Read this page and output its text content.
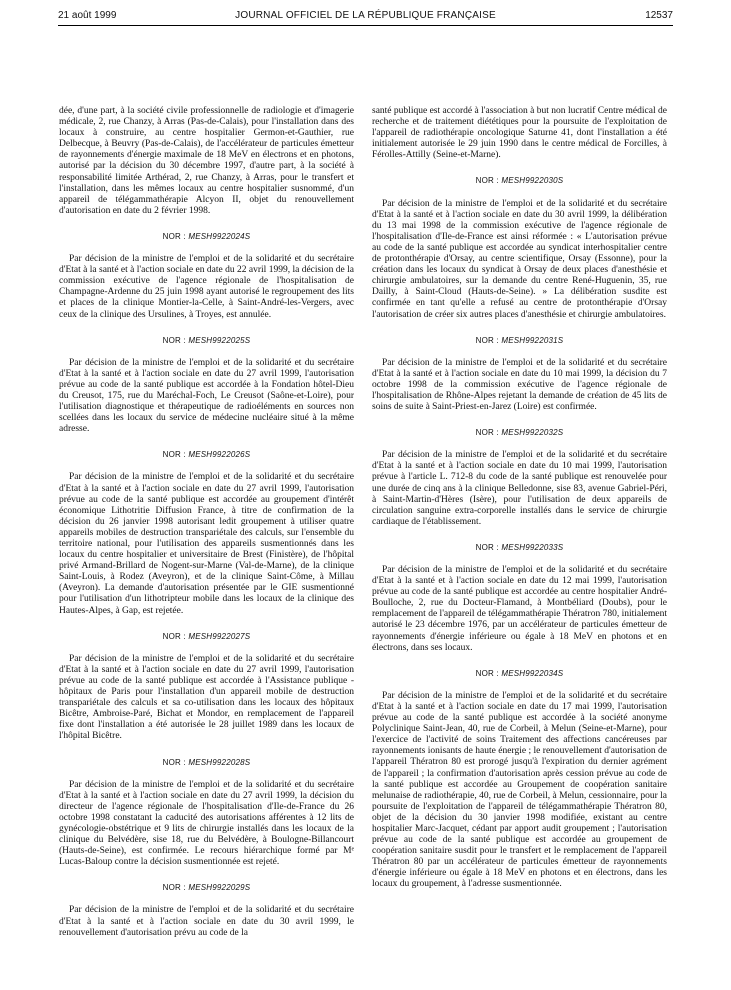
21 août 1999	JOURNAL OFFICIEL DE LA RÉPUBLIQUE FRANÇAISE	12537

dée, d'une part, à la société civile professionnelle de radiologie et d'imagerie médicale, 2, rue Chanzy, à Arras (Pas-de-Calais), pour l'installation dans des locaux à construire, au centre hospitalier Germon-et-Gauthier, rue Delbecque, à Beuvry (Pas-de-Calais), de l'accélérateur de particules émetteur de rayonnements d'énergie maximale de 18 MeV en électrons et en photons, autorisé par la décision du 30 décembre 1997, d'autre part, à la société à responsabilité limitée Arthérad, 2, rue Chanzy, à Arras, pour le transfert et l'installation, dans les mêmes locaux au centre hospitalier susnommé, d'un appareil de télégammathérapie Alcyon II, objet du renouvellement d'autorisation en date du 2 février 1998.

NOR : MESH9922024S

Par décision de la ministre de l'emploi et de la solidarité et du secrétaire d'Etat à la santé et à l'action sociale en date du 22 avril 1999, la décision de la commission exécutive de l'agence régionale de l'hospitalisation de Champagne-Ardenne du 25 juin 1998 ayant autorisé le regroupement des lits et places de la clinique Montier-la-Celle, à Saint-André-les-Vergers, avec ceux de la clinique des Ursulines, à Troyes, est annulée.

NOR : MESH9922025S

Par décision de la ministre de l'emploi et de la solidarité et du secrétaire d'Etat à la santé et à l'action sociale en date du 27 avril 1999, l'autorisation prévue au code de la santé publique est accordée à la Fondation hôtel-Dieu du Creusot, 175, rue du Maréchal-Foch, Le Creusot (Saône-et-Loire), pour l'utilisation diagnostique et thérapeutique de radioéléments en sources non scellées dans les locaux du service de médecine nucléaire situé à la même adresse.

NOR : MESH9922026S

Par décision de la ministre de l'emploi et de la solidarité et du secrétaire d'Etat à la santé et à l'action sociale en date du 27 avril 1999, l'autorisation prévue au code de la santé publique est accordée au groupement d'intérêt économique Lithotritie Diffusion France, à titre de confirmation de la décision du 26 janvier 1998 autorisant ledit groupement à utiliser quatre appareils mobiles de destruction transpariétale des calculs, sur l'ensemble du territoire national, pour l'utilisation des appareils susmentionnés dans les locaux du centre hospitalier et universitaire de Brest (Finistère), de l'hôpital privé Armand-Brillard de Nogent-sur-Marne (Val-de-Marne), de la clinique Saint-Louis, à Rodez (Aveyron), et de la clinique Saint-Côme, à Millau (Aveyron). La demande d'autorisation présentée par le GIE susmentionné pour l'utilisation d'un lithotripteur mobile dans les locaux de la clinique des Hautes-Alpes, à Gap, est rejetée.

NOR : MESH9922027S

Par décision de la ministre de l'emploi et de la solidarité et du secrétaire d'Etat à la santé et à l'action sociale en date du 27 avril 1999, l'autorisation prévue au code de la santé publique est accordée à l'Assistance publique - hôpitaux de Paris pour l'installation d'un appareil mobile de destruction transpariétale des calculs et sa co-utilisation dans les locaux des hôpitaux Bicêtre, Ambroise-Paré, Bichat et Mondor, en remplacement de l'appareil fixe dont l'installation a été autorisée le 28 juillet 1989 dans les locaux de l'hôpital Bicêtre.

NOR : MESH9922028S

Par décision de la ministre de l'emploi et de la solidarité et du secrétaire d'Etat à la santé et à l'action sociale en date du 27 avril 1999, la décision du directeur de l'agence régionale de l'hospitalisation d'Ile-de-France du 26 octobre 1998 constatant la caducité des autorisations afférentes à 12 lits de gynécologie-obstétrique et 9 lits de chirurgie installés dans les locaux de la clinique du Belvédère, sise 18, rue du Belvédère, à Boulogne-Billancourt (Hauts-de-Seine), est confirmée. Le recours hiérarchique formé par Mᵉ Lucas-Baloup contre la décision susmentionnée est rejeté.

NOR : MESH9922029S

Par décision de la ministre de l'emploi et de la solidarité et du secrétaire d'Etat à la santé et à l'action sociale en date du 30 avril 1999, le renouvellement d'autorisation prévu au code de la

santé publique est accordé à l'association à but non lucratif Centre médical de recherche et de traitement diététiques pour la poursuite de l'exploitation de l'appareil de radiothérapie oncologique Saturne 41, dont l'installation a été initialement autorisée le 29 juin 1990 dans le centre médical de Forcilles, à Férolles-Attilly (Seine-et-Marne).

NOR : MESH9922030S

Par décision de la ministre de l'emploi et de la solidarité et du secrétaire d'Etat à la santé et à l'action sociale en date du 30 avril 1999, la délibération du 13 mai 1998 de la commission exécutive de l'agence régionale de l'hospitalisation d'Ile-de-France est ainsi réformée : « L'autorisation prévue au code de la santé publique est accordée au syndicat interhospitalier centre de protonthérapie d'Orsay, au centre scientifique, Orsay (Essonne), pour la création dans les locaux du syndicat à Orsay de deux places d'anesthésie et chirurgie ambulatoires, sur la demande du centre René-Huguenin, 35, rue Dailly, à Saint-Cloud (Hauts-de-Seine). » La délibération susdite est confirmée en tant qu'elle a refusé au centre de protonthérapie d'Orsay l'autorisation de créer six autres places d'anesthésie et chirurgie ambulatoires.

NOR : MESH9922031S

Par décision de la ministre de l'emploi et de la solidarité et du secrétaire d'Etat à la santé et à l'action sociale en date du 10 mai 1999, la décision du 7 octobre 1998 de la commission exécutive de l'agence régionale de l'hospitalisation de Rhône-Alpes rejetant la demande de création de 45 lits de soins de suite à Saint-Priest-en-Jarez (Loire) est confirmée.

NOR : MESH9922032S

Par décision de la ministre de l'emploi et de la solidarité et du secrétaire d'Etat à la santé et à l'action sociale en date du 10 mai 1999, l'autorisation prévue à l'article L. 712-8 du code de la santé publique est renouvelée pour une durée de cinq ans à la clinique Belledonne, sise 83, avenue Gabriel-Péri, à Saint-Martin-d'Hères (Isère), pour l'utilisation de deux appareils de circulation sanguine extra-corporelle installés dans le service de chirurgie cardiaque de l'établissement.

NOR : MESH9922033S

Par décision de la ministre de l'emploi et de la solidarité et du secrétaire d'Etat à la santé et à l'action sociale en date du 12 mai 1999, l'autorisation prévue au code de la santé publique est accordée au centre hospitalier André-Boulloche, 2, rue du Docteur-Flamand, à Montbéliard (Doubs), pour le remplacement de l'appareil de télégammathérapie Thératron 780, initialement autorisé le 23 décembre 1976, par un accélérateur de particules émetteur de rayonnements d'énergie inférieure ou égale à 18 MeV en photons et en électrons, dans ses locaux.

NOR : MESH9922034S

Par décision de la ministre de l'emploi et de la solidarité et du secrétaire d'Etat à la santé et à l'action sociale en date du 17 mai 1999, l'autorisation prévue au code de la santé publique est accordée à la société anonyme Polyclinique Saint-Jean, 40, rue de Corbeil, à Melun (Seine-et-Marne), pour l'exercice de l'activité de soins Traitement des affections cancéreuses par rayonnements ionisants de haute énergie ; le renouvellement d'autorisation de l'appareil Thératron 80 est prorogé jusqu'à l'expiration du dernier agrément de l'appareil ; la confirmation d'autorisation après cession prévue au code de la santé publique est accordée au Groupement de coopération sanitaire melunaise de radiothérapie, 40, rue de Corbeil, à Melun, cessionnaire, pour la poursuite de l'exploitation de l'appareil de télégammathérapie Thératron 80, objet de la décision du 30 janvier 1998 modifiée, existant au centre hospitalier Marc-Jacquet, cédant par apport audit groupement ; l'autorisation prévue au code de la santé publique est accordée au groupement de coopération sanitaire susdit pour le transfert et le remplacement de l'appareil Thératron 80 par un accélérateur de particules émetteur de rayonnements d'énergie inférieure ou égale à 18 MeV en photons et en électrons, dans les locaux du groupement, à l'adresse susmentionnée.
